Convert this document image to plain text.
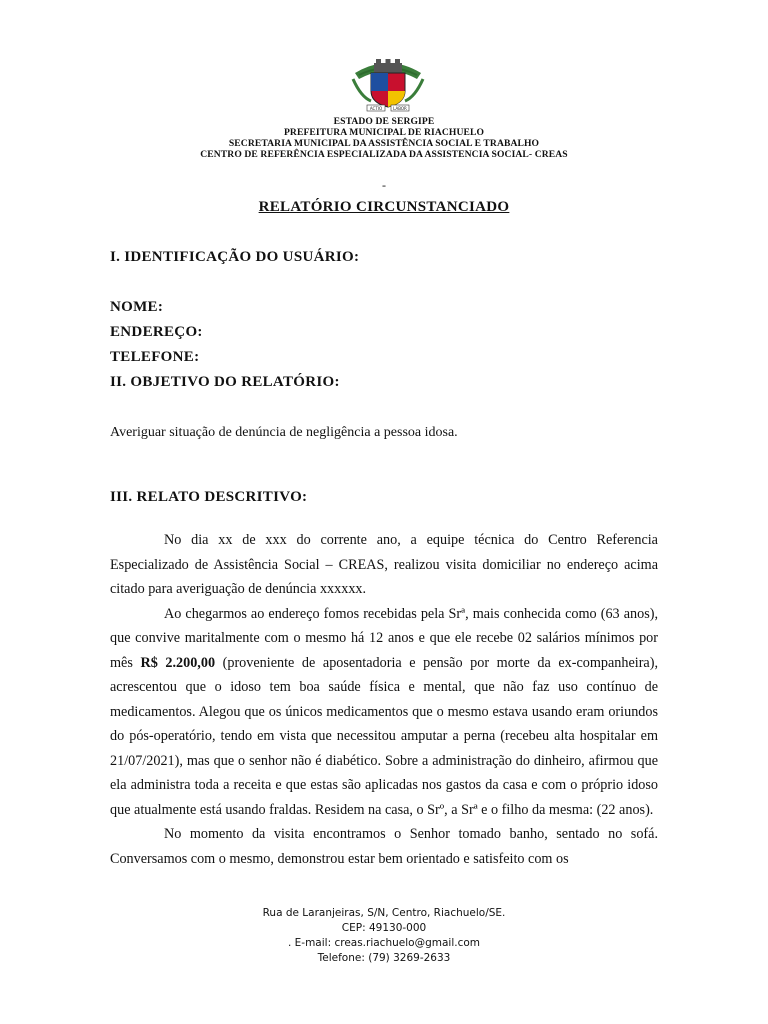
ACTIO	LABOR
ESTADO DE SERGIPE
PREFEITURA MUNICIPAL DE RIACHUELO
SECRETARIA MUNICIPAL DA ASSISTÊNCIA SOCIAL E TRABALHO
CENTRO DE REFERÊNCIA ESPECIALIZADA DA ASSISTENCIA SOCIAL- CREAS
-
RELATÓRIO CIRCUNSTANCIADO
I. IDENTIFICAÇÃO DO USUÁRIO:
NOME:
ENDEREÇO:
TELEFONE:
II. OBJETIVO DO RELATÓRIO:
Averiguar situação de denúncia de negligência a pessoa idosa.
III. RELATO DESCRITIVO:

No dia xx de xxx do corrente ano, a equipe técnica do Centro Referencia Especializado de Assistência Social – CREAS, realizou visita domiciliar no endereço acima citado para averiguação de denúncia xxxxxx.

Ao chegarmos ao endereço fomos recebidas pela Srª, mais conhecida como (63 anos), que convive maritalmente com o mesmo há 12 anos e que ele recebe 02 salários mínimos por mês R$ 2.200,00 (proveniente de aposentadoria e pensão por morte da ex-companheira), acrescentou que o idoso tem boa saúde física e mental, que não faz uso contínuo de medicamentos. Alegou que os únicos medicamentos que o mesmo estava usando eram oriundos do pós-operatório, tendo em vista que necessitou amputar a perna (recebeu alta hospitalar em 21/07/2021), mas que o senhor não é diabético. Sobre a administração do dinheiro, afirmou que ela administra toda a receita e que estas são aplicadas nos gastos da casa e com o próprio idoso que atualmente está usando fraldas. Residem na casa, o Srº, a Srª e o filho da mesma: (22 anos).

No momento da visita encontramos o Senhor tomado banho, sentado no sofá. Conversamos com o mesmo, demonstrou estar bem orientado e satisfeito com os

Rua de Laranjeiras, S/N, Centro, Riachuelo/SE.
CEP: 49130-000
. E-mail: creas.riachuelo@gmail.com
Telefone: (79) 3269-2633
